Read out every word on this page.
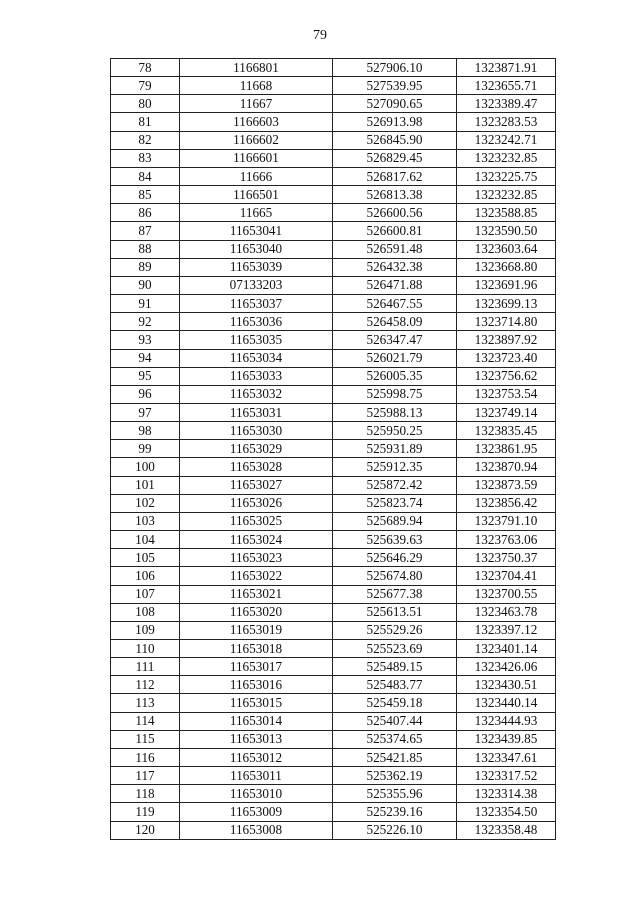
79
78	1166801	527906.10	1323871.91
79	11668	527539.95	1323655.71
80	11667	527090.65	1323389.47
81	1166603	526913.98	1323283.53
82	1166602	526845.90	1323242.71
83	1166601	526829.45	1323232.85
84	11666	526817.62	1323225.75
85	1166501	526813.38	1323232.85
86	11665	526600.56	1323588.85
87	11653041	526600.81	1323590.50
88	11653040	526591.48	1323603.64
89	11653039	526432.38	1323668.80
90	07133203	526471.88	1323691.96
91	11653037	526467.55	1323699.13
92	11653036	526458.09	1323714.80
93	11653035	526347.47	1323897.92
94	11653034	526021.79	1323723.40
95	11653033	526005.35	1323756.62
96	11653032	525998.75	1323753.54
97	11653031	525988.13	1323749.14
98	11653030	525950.25	1323835.45
99	11653029	525931.89	1323861.95
100	11653028	525912.35	1323870.94
101	11653027	525872.42	1323873.59
102	11653026	525823.74	1323856.42
103	11653025	525689.94	1323791.10
104	11653024	525639.63	1323763.06
105	11653023	525646.29	1323750.37
106	11653022	525674.80	1323704.41
107	11653021	525677.38	1323700.55
108	11653020	525613.51	1323463.78
109	11653019	525529.26	1323397.12
110	11653018	525523.69	1323401.14
111	11653017	525489.15	1323426.06
112	11653016	525483.77	1323430.51
113	11653015	525459.18	1323440.14
114	11653014	525407.44	1323444.93
115	11653013	525374.65	1323439.85
116	11653012	525421.85	1323347.61
117	11653011	525362.19	1323317.52
118	11653010	525355.96	1323314.38
119	11653009	525239.16	1323354.50
120	11653008	525226.10	1323358.48
